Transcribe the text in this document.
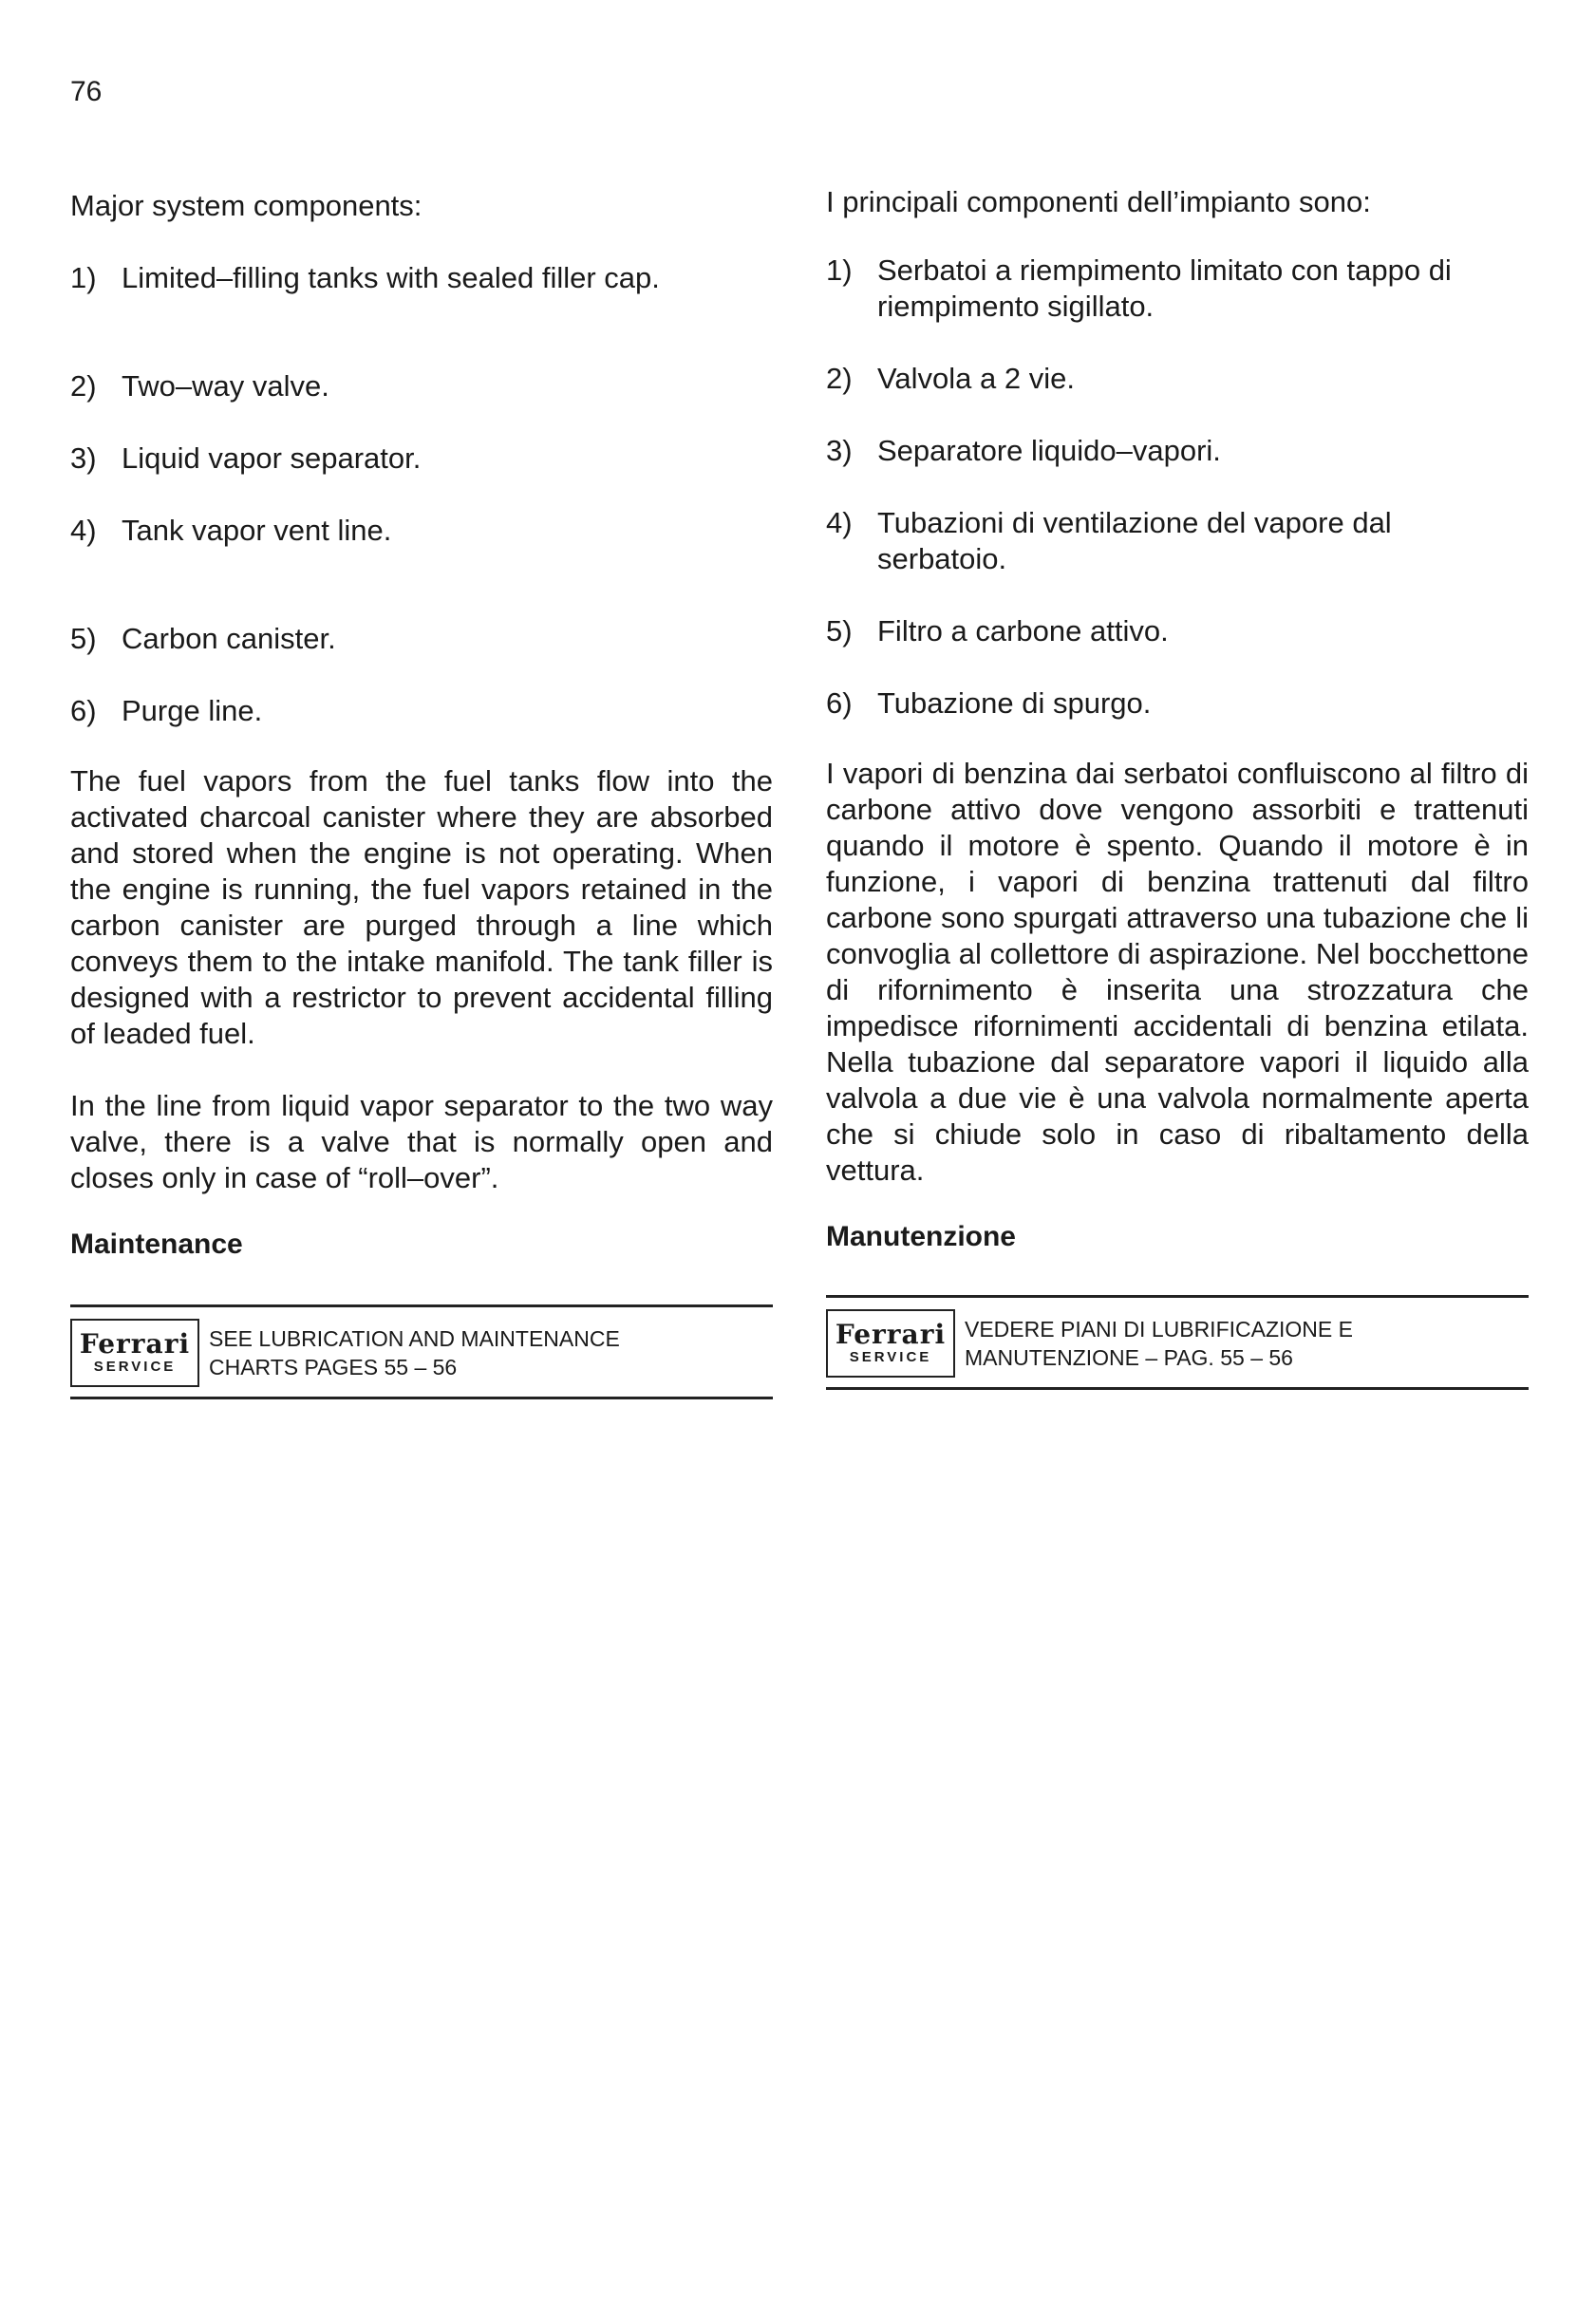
76

Major system components:

1) Limited–filling tanks with sealed filler cap.
2) Two–way valve.
3) Liquid vapor separator.
4) Tank vapor vent line.
5) Carbon canister.
6) Purge line.

The fuel vapors from the fuel tanks flow into the activated charcoal canister where they are absorbed and stored when the engine is not operating. When the engine is running, the fuel vapors retained in the carbon canister are purged through a line which conveys them to the intake manifold. The tank filler is designed with a restrictor to prevent accidental filling of leaded fuel.

In the line from liquid vapor separator to the two way valve, there is a valve that is normally open and closes only in case of “roll–over”.

Maintenance

Ferrari
SERVICE
SEE LUBRICATION AND MAINTENANCE
CHARTS PAGES 55 – 56

I principali componenti dell’impianto sono:

1) Serbatoi a riempimento limitato con tappo di riempimento sigillato.
2) Valvola a 2 vie.
3) Separatore liquido–vapori.
4) Tubazioni di ventilazione del vapore dal serbatoio.
5) Filtro a carbone attivo.
6) Tubazione di spurgo.

I vapori di benzina dai serbatoi confluiscono al filtro di carbone attivo dove vengono assorbiti e trattenuti quando il motore è spento. Quando il motore è in funzione, i vapori di benzina trattenuti dal filtro carbone sono spurgati attraverso una tubazione che li convoglia al collettore di aspirazione. Nel bocchettone di rifornimento è inserita una strozzatura che impedisce rifornimenti accidentali di benzina etilata. Nella tubazione dal separatore vapori il liquido alla valvola a due vie è una valvola normalmente aperta che si chiude solo in caso di ribaltamento della vettura.

Manutenzione

Ferrari
SERVICE
VEDERE PIANI DI LUBRIFICAZIONE E
MANUTENZIONE – PAG. 55 – 56
